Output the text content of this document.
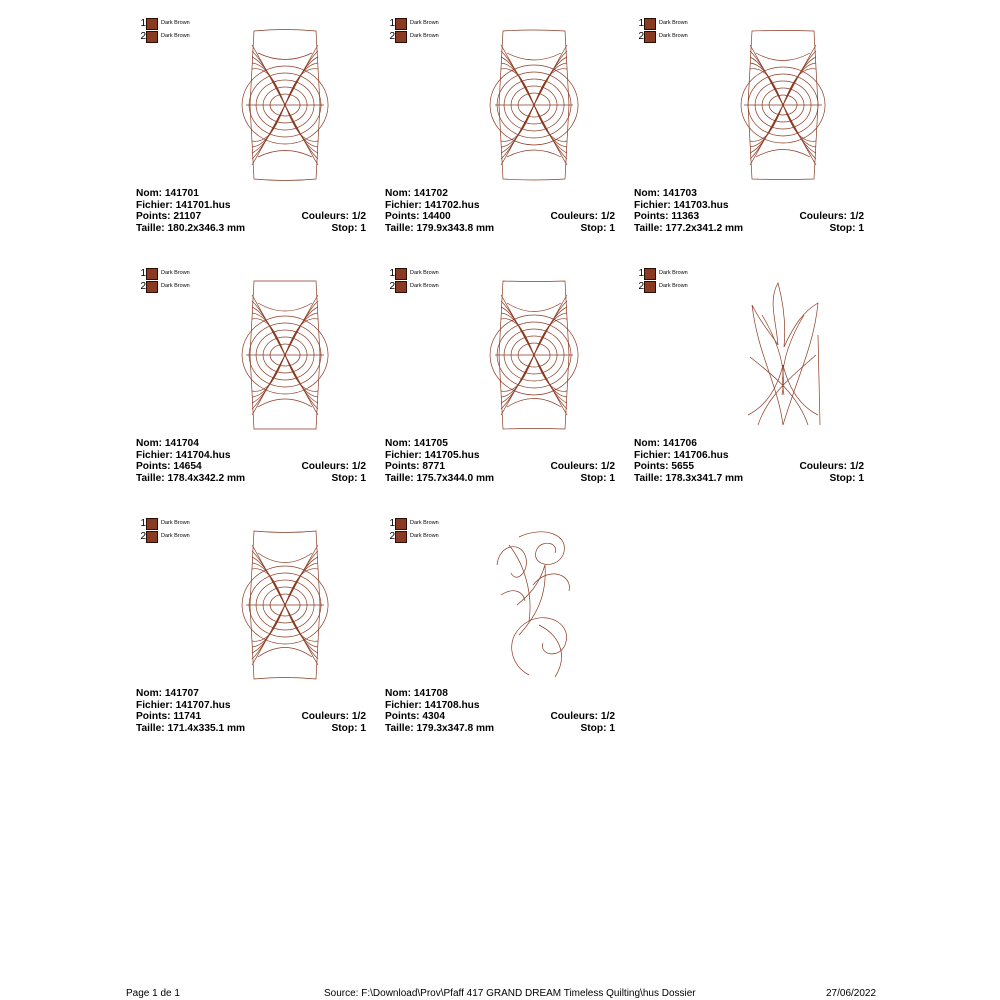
1	Dark Brown
2	Dark Brown
Nom: 141701
Fichier: 141701.hus
Points: 21107	Couleurs: 1/2
Taille: 180.2x346.3 mm	Stop: 1
1	Dark Brown
2	Dark Brown
Nom: 141702
Fichier: 141702.hus
Points: 14400	Couleurs: 1/2
Taille: 179.9x343.8 mm	Stop: 1
1	Dark Brown
2	Dark Brown
Nom: 141703
Fichier: 141703.hus
Points: 11363	Couleurs: 1/2
Taille: 177.2x341.2 mm	Stop: 1
1	Dark Brown
2	Dark Brown
Nom: 141704
Fichier: 141704.hus
Points: 14654	Couleurs: 1/2
Taille: 178.4x342.2 mm	Stop: 1
1	Dark Brown
2	Dark Brown
Nom: 141705
Fichier: 141705.hus
Points: 8771	Couleurs: 1/2
Taille: 175.7x344.0 mm	Stop: 1
1	Dark Brown
2	Dark Brown
Nom: 141706
Fichier: 141706.hus
Points: 5655	Couleurs: 1/2
Taille: 178.3x341.7 mm	Stop: 1
1	Dark Brown
2	Dark Brown
Nom: 141707
Fichier: 141707.hus
Points: 11741	Couleurs: 1/2
Taille: 171.4x335.1 mm	Stop: 1
1	Dark Brown
2	Dark Brown
Nom: 141708
Fichier: 141708.hus
Points: 4304	Couleurs: 1/2
Taille: 179.3x347.8 mm	Stop: 1
Page 1 de 1	Source: F:\Download\Prov\Pfaff 417 GRAND DREAM Timeless Quilting\hus Dossier	27/06/2022
